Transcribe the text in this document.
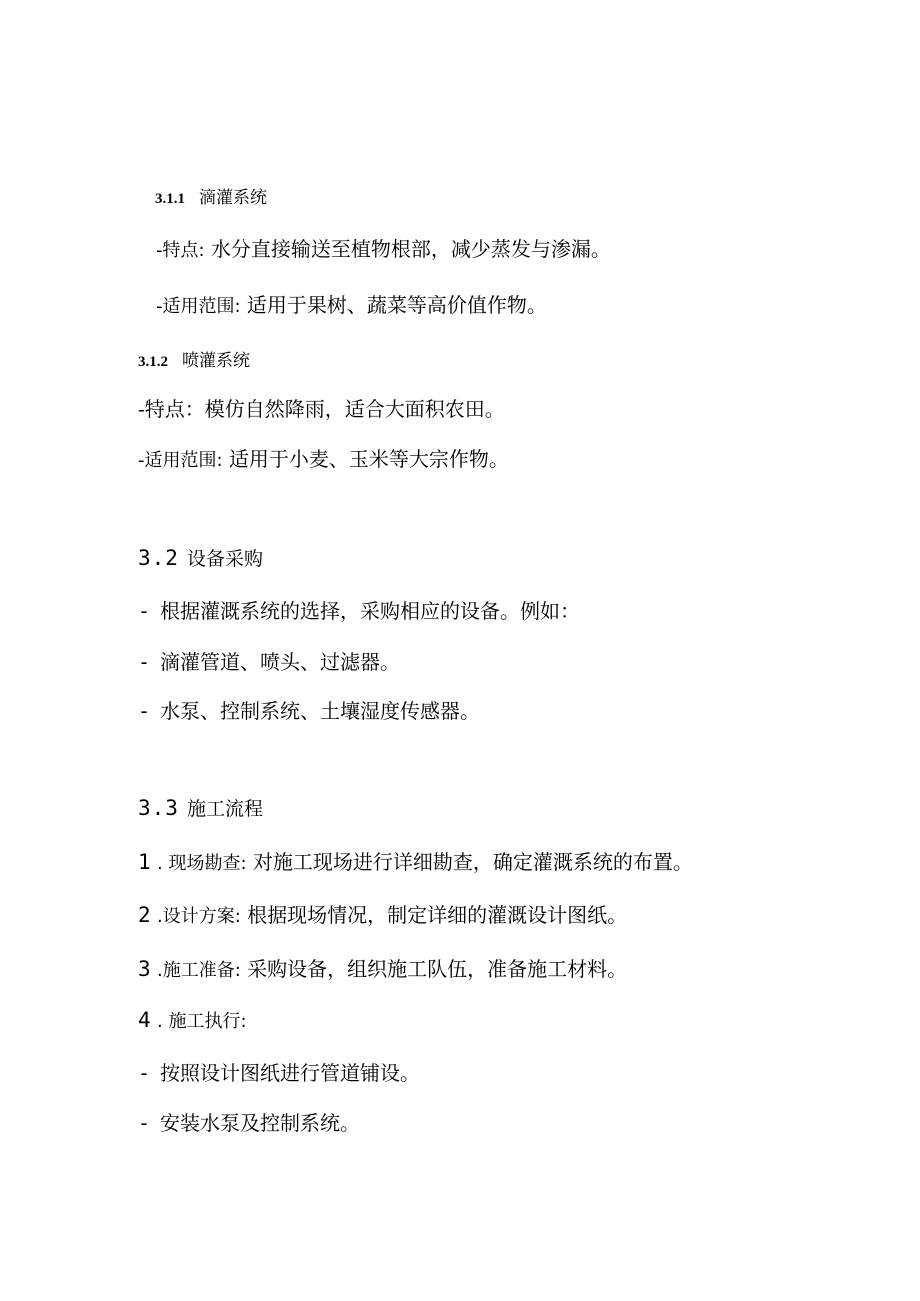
3.1.1 滴灌系统
-特点: 水分直接输送至植物根部，减少蒸发与渗漏。
-适用范围: 适用于果树、蔬菜等高价值作物。
3.1.2 喷灌系统
-特点：模仿自然降雨，适合大面积农田。
-适用范围: 适用于小麦、玉米等大宗作物。
3.2 设备采购
- 根据灌溉系统的选择，采购相应的设备。例如：
- 滴灌管道、喷头、过滤器。
- 水泵、控制系统、土壤湿度传感器。
3.3 施工流程
1 . 现场勘查: 对施工现场进行详细勘查，确定灌溉系统的布置。
2 .设计方案: 根据现场情况，制定详细的灌溉设计图纸。
3 .施工准备: 采购设备，组织施工队伍，准备施工材料。
4 . 施工执行:
- 按照设计图纸进行管道铺设。
- 安装水泵及控制系统。
